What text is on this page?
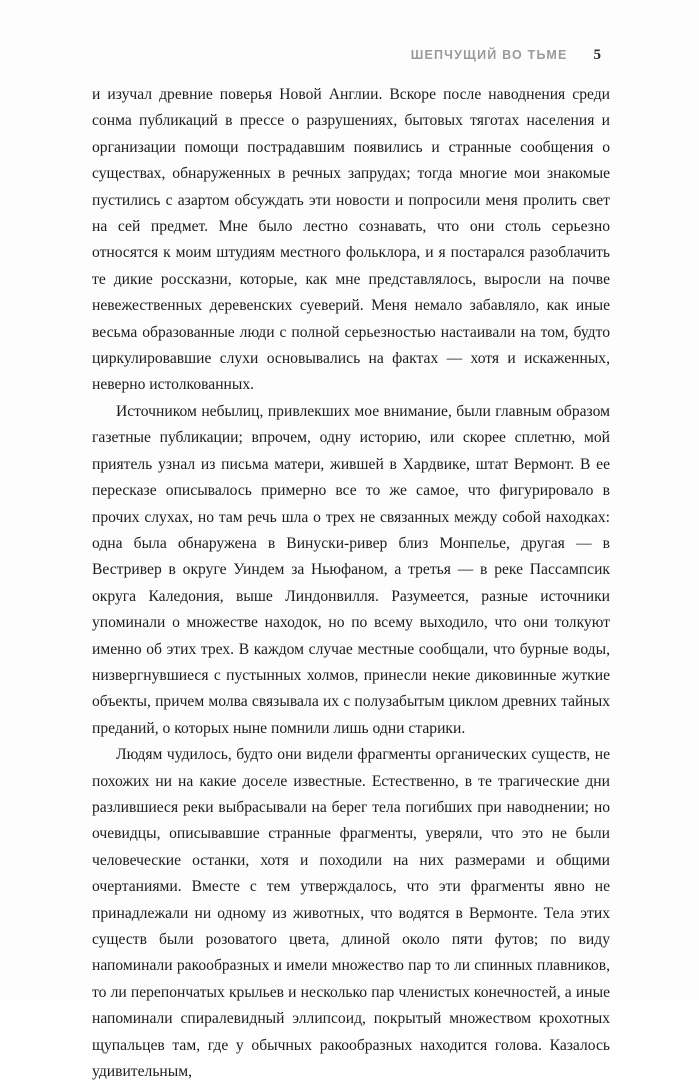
ШЕПЧУЩИЙ ВО ТЬМЕ 5

и изучал древние поверья Новой Англии. Вскоре после наводнения среди сонма публикаций в прессе о разрушениях, бытовых тяготах населения и организации помощи пострадавшим появились и странные сообщения о существах, обнаруженных в речных запрудах; тогда многие мои знакомые пустились с азартом обсуждать эти новости и попросили меня пролить свет на сей предмет. Мне было лестно сознавать, что они столь серьезно относятся к моим штудиям местного фольклора, и я постарался разоблачить те дикие россказни, которые, как мне представлялось, выросли на почве невежественных деревенских суеверий. Меня немало забавляло, как иные весьма образованные люди с полной серьезностью настаивали на том, будто циркулировавшие слухи основывались на фактах — хотя и искаженных, неверно истолкованных.

Источником небылиц, привлекших мое внимание, были главным образом газетные публикации; впрочем, одну историю, или скорее сплетню, мой приятель узнал из письма матери, жившей в Хардвике, штат Вермонт. В ее пересказе описывалось примерно все то же самое, что фигурировало в прочих слухах, но там речь шла о трех не связанных между собой находках: одна была обнаружена в Винуски-ривер близ Монпелье, другая — в Вестривер в округе Уиндем за Ньюфаном, а третья — в реке Пассампсик округа Каледония, выше Линдонвилля. Разумеется, разные источники упоминали о множестве находок, но по всему выходило, что они толкуют именно об этих трех. В каждом случае местные сообщали, что бурные воды, низвергнувшиеся с пустынных холмов, принесли некие диковинные жуткие объекты, причем молва связывала их с полузабытым циклом древних тайных преданий, о которых ныне помнили лишь одни старики.

Людям чудилось, будто они видели фрагменты органических существ, не похожих ни на какие доселе известные. Естественно, в те трагические дни разлившиеся реки выбрасывали на берег тела погибших при наводнении; но очевидцы, описывавшие странные фрагменты, уверяли, что это не были человеческие останки, хотя и походили на них размерами и общими очертаниями. Вместе с тем утверждалось, что эти фрагменты явно не принадлежали ни одному из животных, что водятся в Вермонте. Тела этих существ были розоватого цвета, длиной около пяти футов; по виду напоминали ракообразных и имели множество пар то ли спинных плавников, то ли перепончатых крыльев и несколько пар членистых конечностей, а иные напоминали спиралевидный эллипсоид, покрытый множеством крохотных щупальцев там, где у обычных ракообразных находится голова. Казалось удивительным,
